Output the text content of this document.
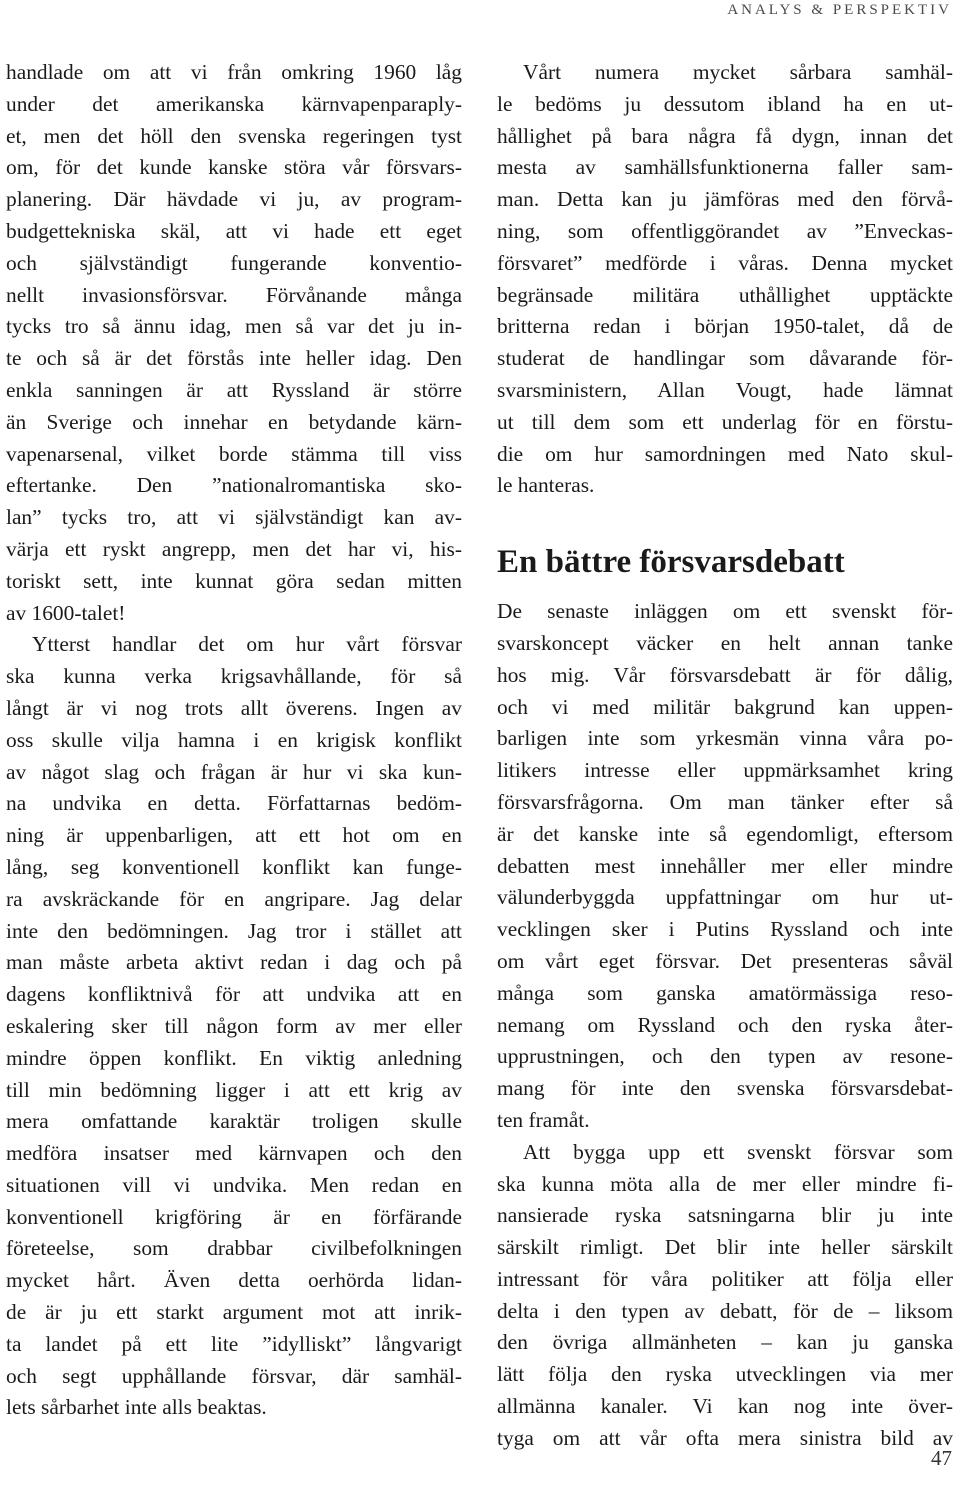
ANALYS & PERSPEKTIV
handlade om att vi från omkring 1960 låg
under det amerikanska kärnvapenparaply-
et, men det höll den svenska regeringen tyst
om, för det kunde kanske störa vår försvars-
planering. Där hävdade vi ju, av program-
budgettekniska skäl, att vi hade ett eget
och självständigt fungerande konventio-
nellt invasionsförsvar. Förvånande många
tycks tro så ännu idag, men så var det ju in-
te och så är det förstås inte heller idag. Den
enkla sanningen är att Ryssland är större
än Sverige och innehar en betydande kärn-
vapenarsenal, vilket borde stämma till viss
eftertanke. Den ”nationalromantiska sko-
lan” tycks tro, att vi självständigt kan av-
värja ett ryskt angrepp, men det har vi, his-
toriskt sett, inte kunnat göra sedan mitten
av 1600-talet!
Ytterst handlar det om hur vårt försvar
ska kunna verka krigsavhållande, för så
långt är vi nog trots allt överens. Ingen av
oss skulle vilja hamna i en krigisk konflikt
av något slag och frågan är hur vi ska kun-
na undvika en detta. Författarnas bedöm-
ning är uppenbarligen, att ett hot om en
lång, seg konventionell konflikt kan funge-
ra avskräckande för en angripare. Jag delar
inte den bedömningen. Jag tror i stället att
man måste arbeta aktivt redan i dag och på
dagens konfliktnivå för att undvika att en
eskalering sker till någon form av mer eller
mindre öppen konflikt. En viktig anledning
till min bedömning ligger i att ett krig av
mera omfattande karaktär troligen skulle
medföra insatser med kärnvapen och den
situationen vill vi undvika. Men redan en
konventionell krigföring är en förfärande
företeelse, som drabbar civilbefolkningen
mycket hårt. Även detta oerhörda lidan-
de är ju ett starkt argument mot att inrik-
ta landet på ett lite ”idylliskt” långvarigt
och segt upphållande försvar, där samhäl-
lets sårbarhet inte alls beaktas.
Vårt numera mycket sårbara samhäl-
le bedöms ju dessutom ibland ha en ut-
hållighet på bara några få dygn, innan det
mesta av samhällsfunktionerna faller sam-
man. Detta kan ju jämföras med den förvå-
ning, som offentliggörandet av ”Enveckas-
försvaret” medförde i våras. Denna mycket
begränsade militära uthållighet upptäckte
britterna redan i början 1950-talet, då de
studerat de handlingar som dåvarande för-
svarsministern, Allan Vougt, hade lämnat
ut till dem som ett underlag för en förstu-
die om hur samordningen med Nato skul-
le hanteras.
En bättre försvarsdebatt
De senaste inläggen om ett svenskt för-
svarskoncept väcker en helt annan tanke
hos mig. Vår försvarsdebatt är för dålig,
och vi med militär bakgrund kan uppen-
barligen inte som yrkesmän vinna våra po-
litikers intresse eller uppmärksamhet kring
försvarsfrågorna. Om man tänker efter så
är det kanske inte så egendomligt, eftersom
debatten mest innehåller mer eller mindre
välunderbyggda uppfattningar om hur ut-
vecklingen sker i Putins Ryssland och inte
om vårt eget försvar. Det presenteras såväl
många som ganska amatörmässiga reso-
nemang om Ryssland och den ryska åter-
upprustningen, och den typen av resone-
mang för inte den svenska försvarsdebat-
ten framåt.
Att bygga upp ett svenskt försvar som
ska kunna möta alla de mer eller mindre fi-
nansierade ryska satsningarna blir ju inte
särskilt rimligt. Det blir inte heller särskilt
intressant för våra politiker att följa eller
delta i den typen av debatt, för de – liksom
den övriga allmänheten – kan ju ganska
lätt följa den ryska utvecklingen via mer
allmänna kanaler. Vi kan nog inte över-
tyga om att vår ofta mera sinistra bild av
47
